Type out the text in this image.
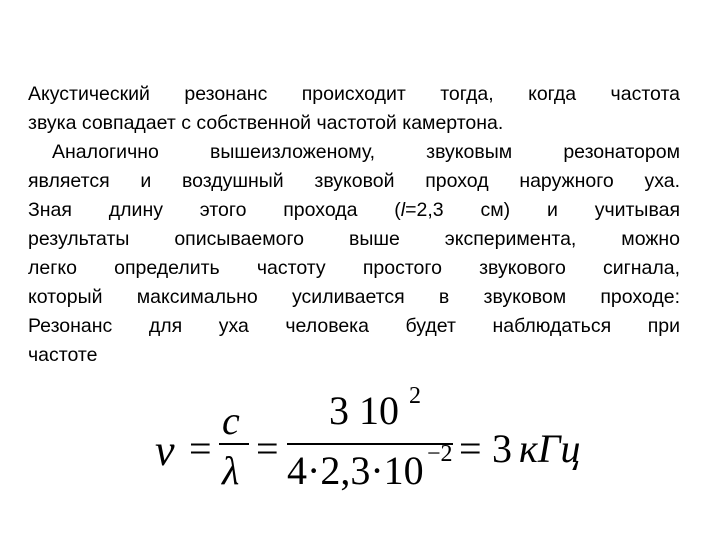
Акустический резонанс происходит тогда, когда частота
звука совпадает с собственной частотой камертона.
Аналогично вышеизложеному, звуковым резонатором
является и воздушный звуковой проход наружного уха.
Зная длину этого прохода (l=2,3 см) и учитывая
результаты описываемого выше эксперимента, можно
легко определить частоту простого звукового сигнала,
который максимально усиливается в звуковом проходе:
Резонанс для уха человека будет наблюдаться при
частоте
ν =
c
λ =
3 10 2
4·2,3·10 −2 = 3 кГц
